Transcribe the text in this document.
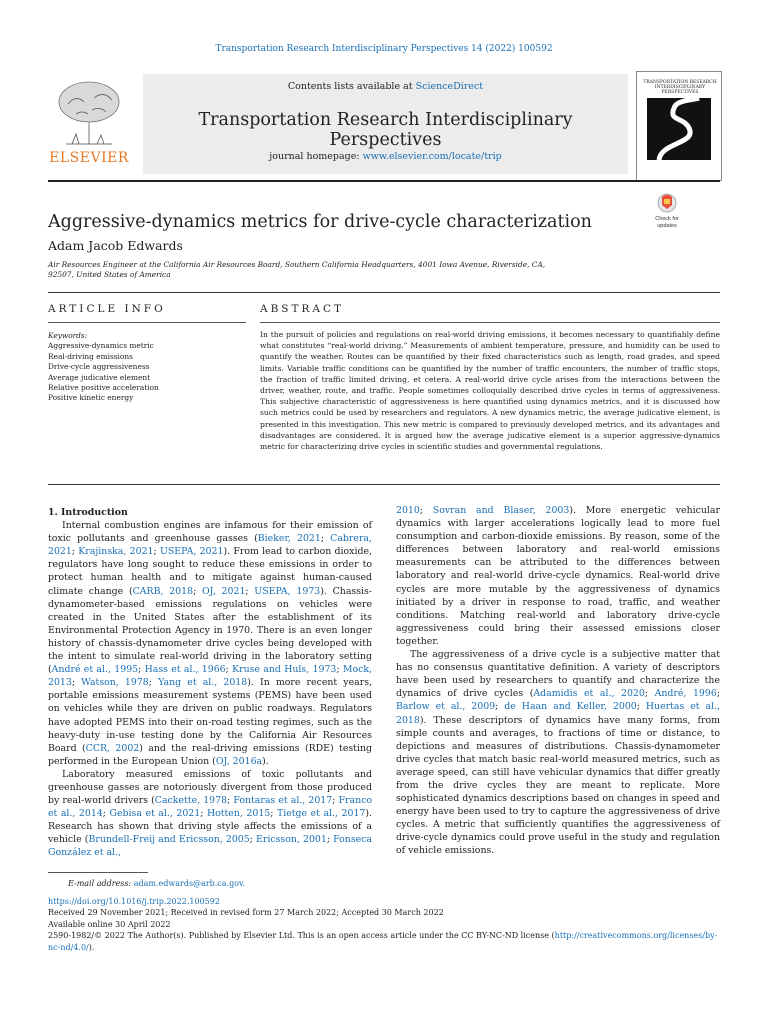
Transportation Research Interdisciplinary Perspectives 14 (2022) 100592
ELSEVIER
Contents lists available at ScienceDirect
Transportation Research Interdisciplinary Perspectives
journal homepage: www.elsevier.com/locate/trip
TRANSPORTATION RESEARCH INTERDISCIPLINARY PERSPECTIVES
Aggressive-dynamics metrics for drive-cycle characterization
Adam Jacob Edwards
Air Resources Engineer at the California Air Resources Board, Southern California Headquarters, 4001 Iowa Avenue, Riverside, CA, 92507, United States of America
Check for
updates
ARTICLE INFO	ABSTRACT
Keywords:
Aggressive-dynamics metric
Real-driving emissions
Drive-cycle aggressiveness
Average judicative element
Relative positive acceleration
Positive kinetic energy
In the pursuit of policies and regulations on real-world driving emissions, it becomes necessary to quantifiably define what constitutes “real-world driving.” Measurements of ambient temperature, pressure, and humidity can be used to quantify the weather. Routes can be quantified by their fixed characteristics such as length, road grades, and speed limits. Variable traffic conditions can be quantified by the number of traffic encounters, the number of traffic stops, the fraction of traffic limited driving, et cetera. A real-world drive cycle arises from the interactions between the driver, weather, route, and traffic. People sometimes colloquially described drive cycles in terms of aggressiveness. This subjective characteristic of aggressiveness is here quantified using dynamics metrics, and it is discussed how such metrics could be used by researchers and regulators. A new dynamics metric, the average judicative element, is presented in this investigation. This new metric is compared to previously developed metrics, and its advantages and disadvantages are considered. It is argued how the average judicative element is a superior aggressive-dynamics metric for characterizing drive cycles in scientific studies and governmental regulations.

1. Introduction

Internal combustion engines are infamous for their emission of toxic pollutants and greenhouse gasses (Bieker, 2021; Cabrera, 2021; Krajinska, 2021; USEPA, 2021). From lead to carbon dioxide, regulators have long sought to reduce these emissions in order to protect human health and to mitigate against human-caused climate change (CARB, 2018; OJ, 2021; USEPA, 1973). Chassis-dynamometer-based emissions regulations on vehicles were created in the United States after the establishment of its Environmental Protection Agency in 1970. There is an even longer history of chassis-dynamometer drive cycles being developed with the intent to simulate real-world driving in the laboratory setting (André et al., 1995; Hass et al., 1966; Kruse and Huls, 1973; Mock, 2013; Watson, 1978; Yang et al., 2018). In more recent years, portable emissions measurement systems (PEMS) have been used on vehicles while they are driven on public roadways. Regulators have adopted PEMS into their on-road testing regimes, such as the heavy-duty in-use testing done by the California Air Resources Board (CCR, 2002) and the real-driving emissions (RDE) testing performed in the European Union (OJ, 2016a).

Laboratory measured emissions of toxic pollutants and greenhouse gasses are notoriously divergent from those produced by real-world drivers (Cackette, 1978; Fontaras et al., 2017; Franco et al., 2014; Gebisa et al., 2021; Hotten, 2015; Tietge et al., 2017). Research has shown that driving style affects the emissions of a vehicle (Brundell-Freij and Ericsson, 2005; Ericsson, 2001; Fonseca González et al.,

2010; Sovran and Blaser, 2003). More energetic vehicular dynamics with larger accelerations logically lead to more fuel consumption and carbon-dioxide emissions. By reason, some of the differences between laboratory and real-world emissions measurements can be attributed to the differences between laboratory and real-world drive-cycle dynamics. Real-world drive cycles are more mutable by the aggressiveness of dynamics initiated by a driver in response to road, traffic, and weather conditions. Matching real-world and laboratory drive-cycle aggressiveness could bring their assessed emissions closer together.

The aggressiveness of a drive cycle is a subjective matter that has no consensus quantitative definition. A variety of descriptors have been used by researchers to quantify and characterize the dynamics of drive cycles (Adamidis et al., 2020; André, 1996; Barlow et al., 2009; de Haan and Keller, 2000; Huertas et al., 2018). These descriptors of dynamics have many forms, from simple counts and averages, to fractions of time or distance, to depictions and measures of distributions. Chassis-dynamometer drive cycles that match basic real-world measured metrics, such as average speed, can still have vehicular dynamics that differ greatly from the drive cycles they are meant to replicate. More sophisticated dynamics descriptions based on changes in speed and energy have been used to try to capture the aggressiveness of drive cycles. A metric that sufficiently quantifies the aggressiveness of drive-cycle dynamics could prove useful in the study and regulation of vehicle emissions.

E-mail address: adam.edwards@arb.ca.gov.
https://doi.org/10.1016/j.trip.2022.100592
Received 29 November 2021; Received in revised form 27 March 2022; Accepted 30 March 2022
Available online 30 April 2022
2590-1982/© 2022 The Author(s). Published by Elsevier Ltd. This is an open access article under the CC BY-NC-ND license (http://creativecommons.org/licenses/by-nc-nd/4.0/).
